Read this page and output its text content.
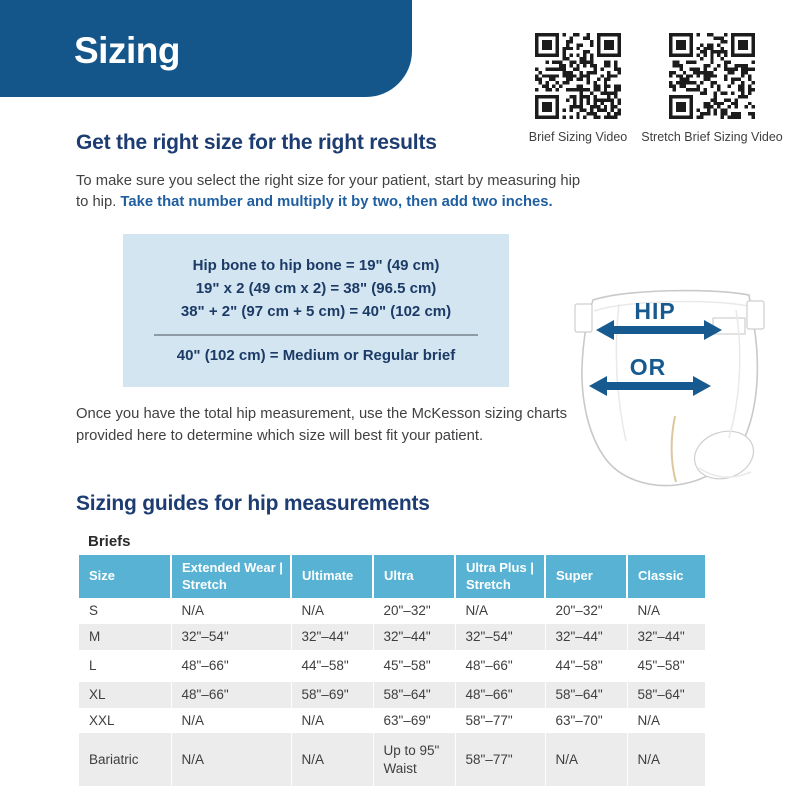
Sizing
Brief Sizing Video	Stretch Brief Sizing Video
Get the right size for the right results

To make sure you select the right size for your patient, start by measuring hip to hip. Take that number and multiply it by two, then add two inches.

Hip bone to hip bone = 19" (49 cm)
19" x 2 (49 cm x 2) = 38" (96.5 cm)
38" + 2" (97 cm + 5 cm) = 40" (102 cm)
40" (102 cm) = Medium or Regular brief
HIP
OR

Once you have the total hip measurement, use the McKesson sizing charts provided here to determine which size will best fit your patient.

Sizing guides for hip measurements
Briefs
Size	Extended Wear | Stretch	Ultimate	Ultra	Ultra Plus | Stretch	Super	Classic
S	N/A	N/A	20"–32"	N/A	20"–32"	N/A
M	32"–54"	32"–44"	32"–44"	32"–54"	32"–44"	32"–44"
L	48"–66"	44"–58"	45"–58"	48"–66"	44"–58"	45"–58"
XL	48"–66"	58"–69"	58"–64"	48"–66"	58"–64"	58"–64"
XXL	N/A	N/A	63"–69"	58"–77"	63"–70"	N/A
Bariatric	N/A	N/A	Up to 95" Waist	58"–77"	N/A	N/A
